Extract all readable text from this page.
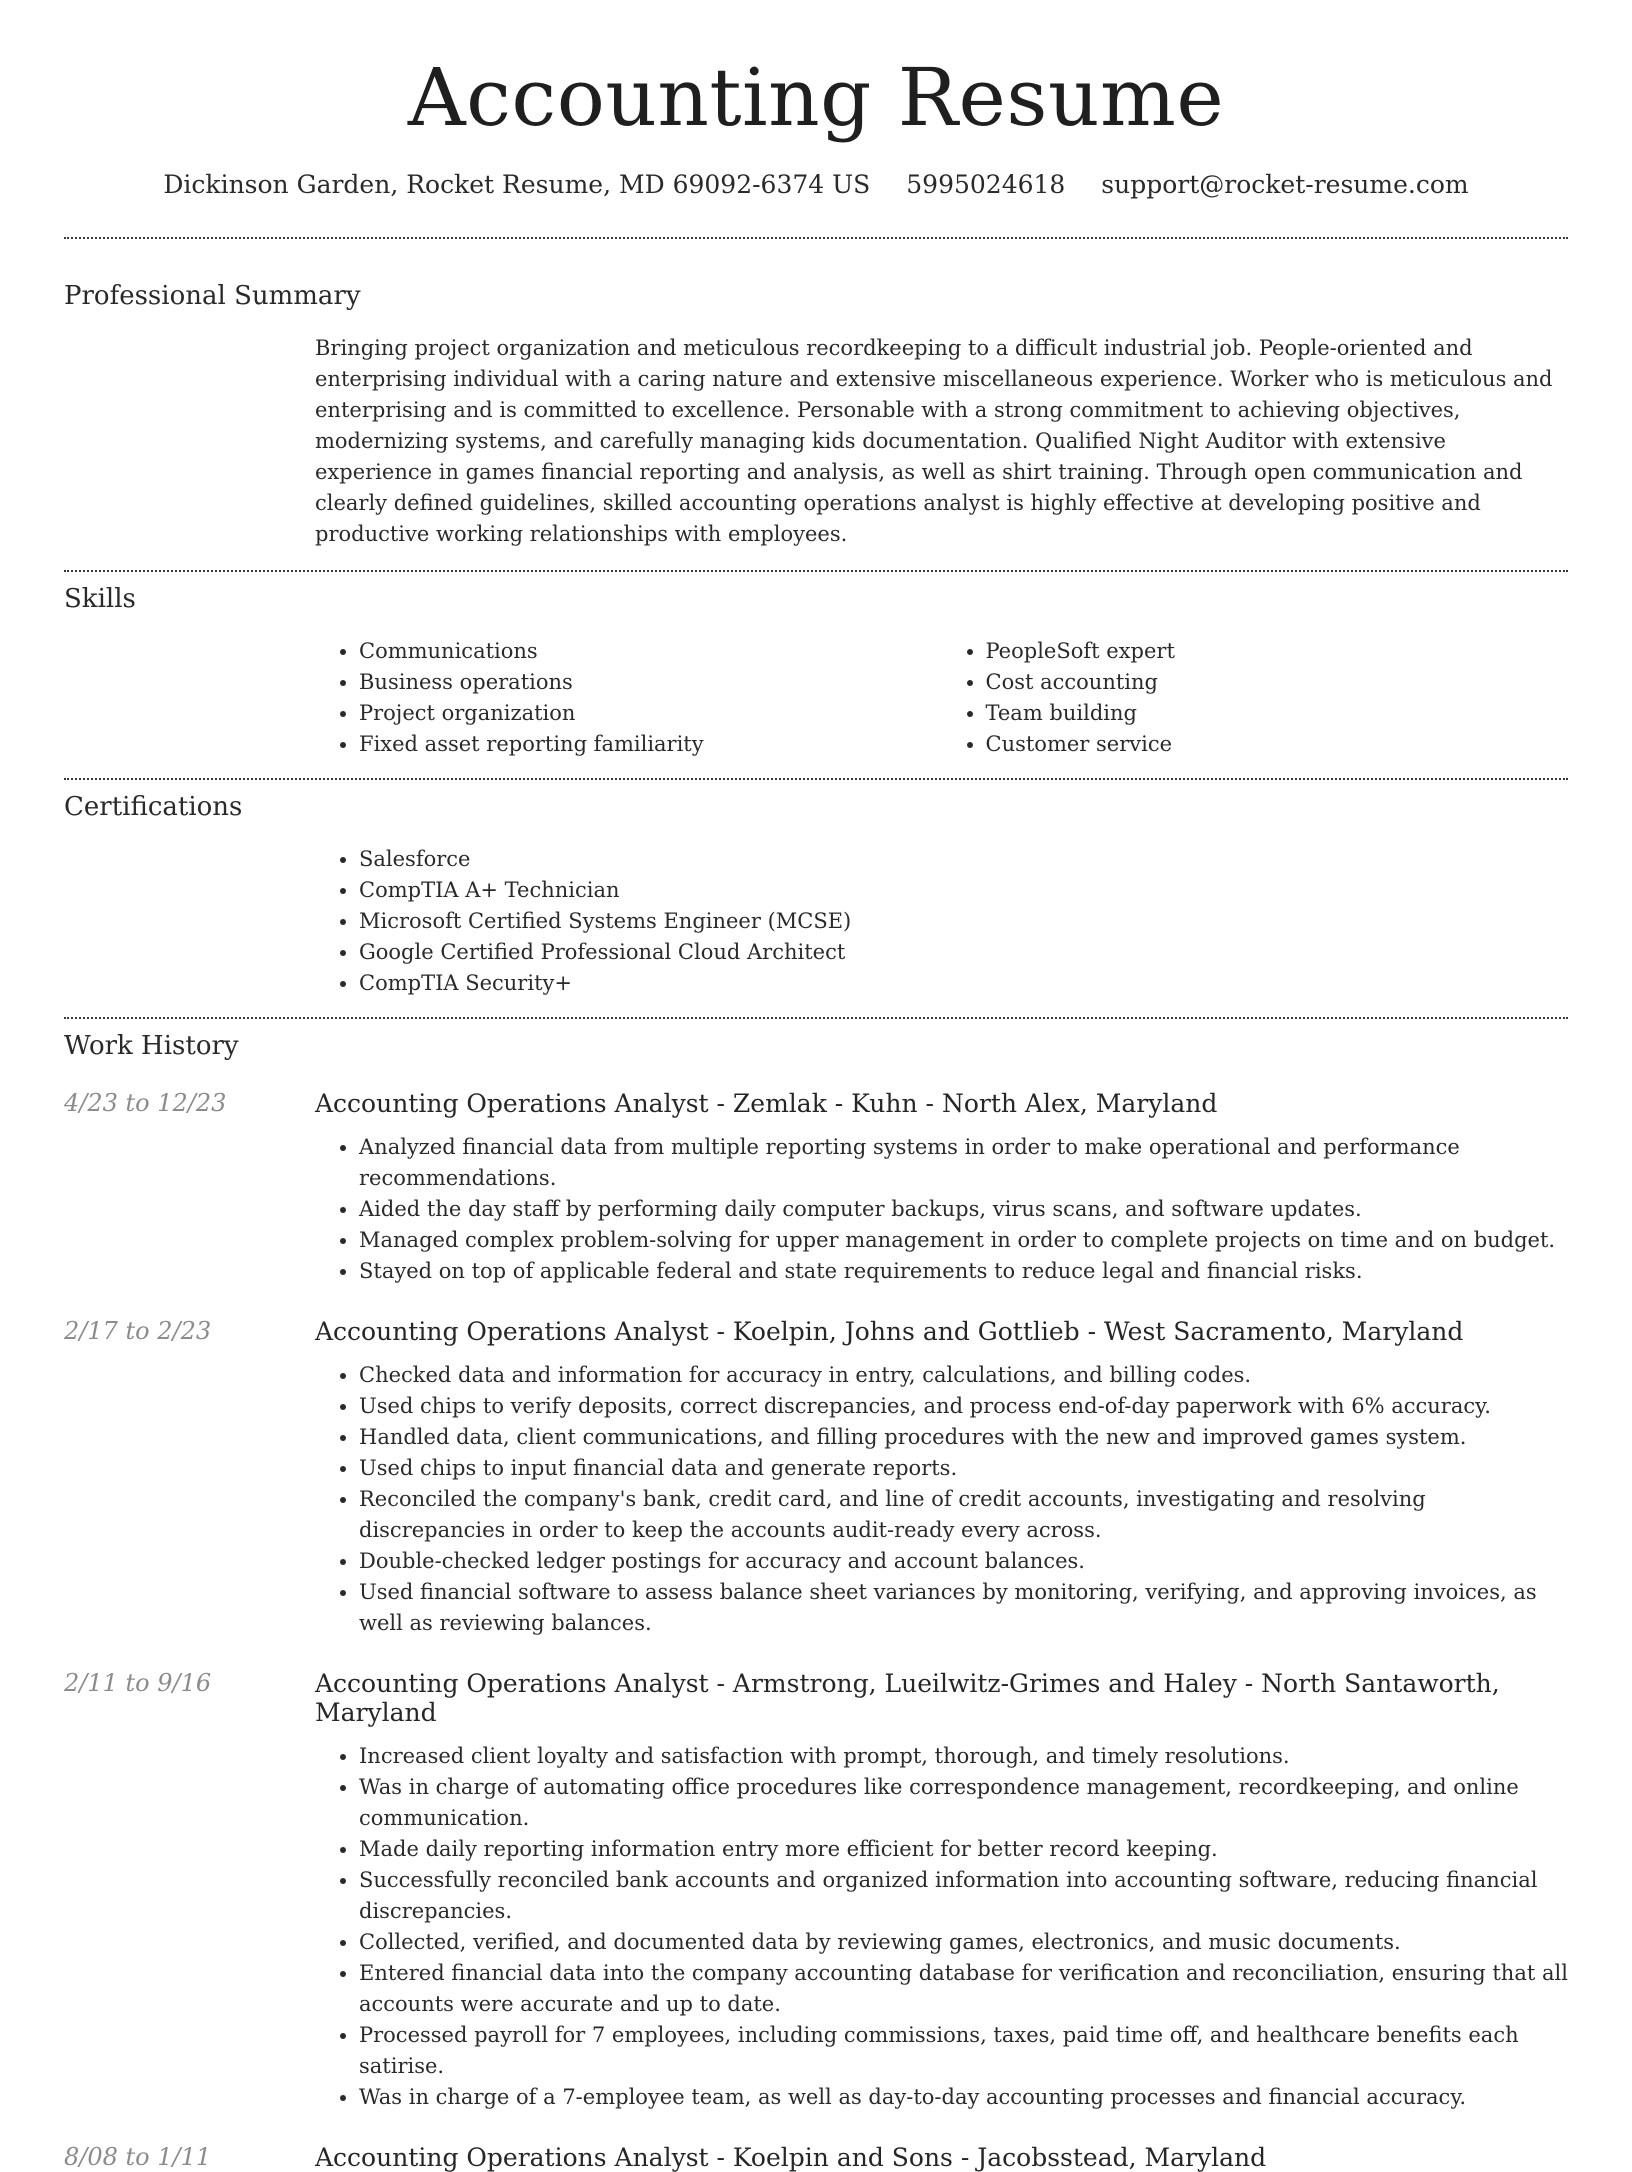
Accounting Resume
Dickinson Garden, Rocket Resume, MD 69092-6374 US 5995024618 support@rocket-resume.com
Professional Summary
Bringing project organization and meticulous recordkeeping to a difficult industrial job. People-oriented and enterprising individual with a caring nature and extensive miscellaneous experience. Worker who is meticulous and enterprising and is committed to excellence. Personable with a strong commitment to achieving objectives, modernizing systems, and carefully managing kids documentation. Qualified Night Auditor with extensive experience in games financial reporting and analysis, as well as shirt training. Through open communication and clearly defined guidelines, skilled accounting operations analyst is highly effective at developing positive and productive working relationships with employees.
Skills
• Communications
• Business operations
• Project organization
• Fixed asset reporting familiarity
• PeopleSoft expert
• Cost accounting
• Team building
• Customer service
Certifications
• Salesforce
• CompTIA A+ Technician
• Microsoft Certified Systems Engineer (MCSE)
• Google Certified Professional Cloud Architect
• CompTIA Security+
Work History
4/23 to 12/23	Accounting Operations Analyst - Zemlak - Kuhn - North Alex, Maryland
• Analyzed financial data from multiple reporting systems in order to make operational and performance recommendations.
• Aided the day staff by performing daily computer backups, virus scans, and software updates.
• Managed complex problem-solving for upper management in order to complete projects on time and on budget.
• Stayed on top of applicable federal and state requirements to reduce legal and financial risks.
2/17 to 2/23	Accounting Operations Analyst - Koelpin, Johns and Gottlieb - West Sacramento, Maryland
• Checked data and information for accuracy in entry, calculations, and billing codes.
• Used chips to verify deposits, correct discrepancies, and process end-of-day paperwork with 6% accuracy.
• Handled data, client communications, and filling procedures with the new and improved games system.
• Used chips to input financial data and generate reports.
• Reconciled the company's bank, credit card, and line of credit accounts, investigating and resolving discrepancies in order to keep the accounts audit-ready every across.
• Double-checked ledger postings for accuracy and account balances.
• Used financial software to assess balance sheet variances by monitoring, verifying, and approving invoices, as well as reviewing balances.
2/11 to 9/16	Accounting Operations Analyst - Armstrong, Lueilwitz-Grimes and Haley - North Santaworth, Maryland
• Increased client loyalty and satisfaction with prompt, thorough, and timely resolutions.
• Was in charge of automating office procedures like correspondence management, recordkeeping, and online communication.
• Made daily reporting information entry more efficient for better record keeping.
• Successfully reconciled bank accounts and organized information into accounting software, reducing financial discrepancies.
• Collected, verified, and documented data by reviewing games, electronics, and music documents.
• Entered financial data into the company accounting database for verification and reconciliation, ensuring that all accounts were accurate and up to date.
• Processed payroll for 7 employees, including commissions, taxes, paid time off, and healthcare benefits each satirise.
• Was in charge of a 7-employee team, as well as day-to-day accounting processes and financial accuracy.
8/08 to 1/11	Accounting Operations Analyst - Koelpin and Sons - Jacobsstead, Maryland
